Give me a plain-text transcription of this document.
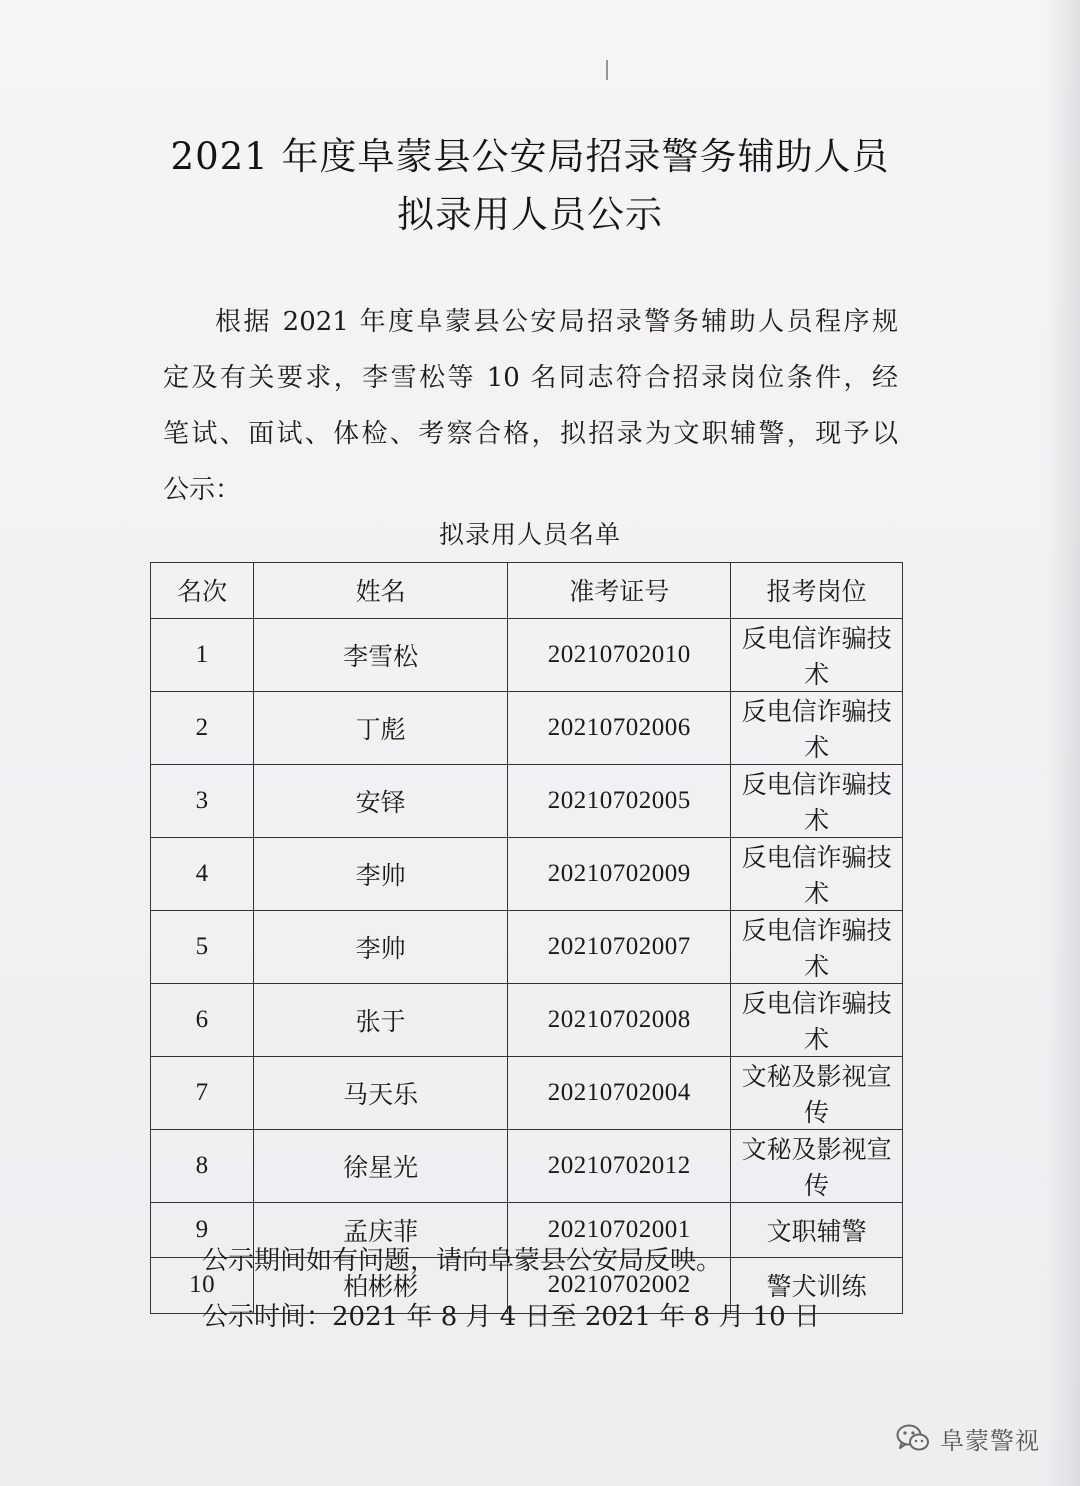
2021 年度阜蒙县公安局招录警务辅助人员
拟录用人员公示
根据 2021 年度阜蒙县公安局招录警务辅助人员程序规
定及有关要求，李雪松等 10 名同志符合招录岗位条件，经
笔试、面试、体检、考察合格，拟招录为文职辅警，现予以
公示：
拟录用人员名单
名次	姓名	准考证号	报考岗位
1	李雪松	20210702010	反电信诈骗技术
2	丁彪	20210702006	反电信诈骗技术
3	安铎	20210702005	反电信诈骗技术
4	李帅	20210702009	反电信诈骗技术
5	李帅	20210702007	反电信诈骗技术
6	张于	20210702008	反电信诈骗技术
7	马天乐	20210702004	文秘及影视宣传
8	徐星光	20210702012	文秘及影视宣传
9	孟庆菲	20210702001	文职辅警
10	柏彬彬	20210702002	警犬训练
公示期间如有问题，请向阜蒙县公安局反映。
公示时间：2021 年 8 月 4 日至 2021 年 8 月 10 日
阜蒙警视
